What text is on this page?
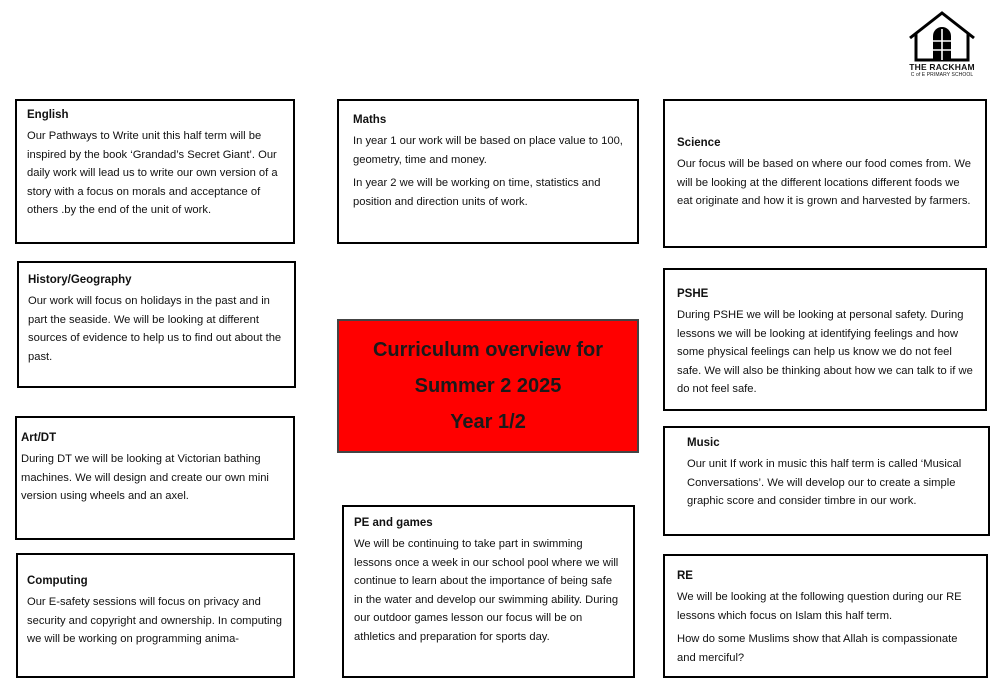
THE RACKHAM
C of E PRIMARY SCHOOL
English

Our Pathways to Write unit this half term will be inspired by the book ‘Grandad’s Secret Giant’. Our daily work will lead us to write our own version of a story with a focus on morals and acceptance of others .by the end of the unit of work.

History/Geography

Our work will focus on holidays in the past and in part the seaside. We will be looking at different sources of evidence to help us to find out about the past.

Art/DT

During DT we will be looking at Victorian bathing machines. We will design and create our own mini version using wheels and an axel.

Computing

Our E-safety sessions will focus on privacy and security and copyright and ownership. In computing we will be working on programming anima-

Maths

In year 1 our work will be based on place value to 100, geometry, time and money.

In year 2 we will be working on time, statistics and position and direction units of work.

Curriculum overview for
Summer 2 2025
Year 1/2
PE and games

We will be continuing to take part in swimming lessons once a week in our school pool where we will continue to learn about the importance of being safe in the water and develop our swimming ability. During our outdoor games lesson our focus will be on athletics and preparation for sports day.

Science

Our focus will be based on where our food comes from. We will be looking at the different locations different foods we eat originate and how it is grown and harvested by farmers.

PSHE

During PSHE we will be looking at personal safety. During lessons we will be looking at identifying feelings and how some physical feelings can help us know we do not feel safe. We will also be thinking about how we can talk to if we do not feel safe.

Music

Our unit If work in music this half term is called ‘Musical Conversations’. We will develop our to create a simple graphic score and consider timbre in our work.

RE

We will be looking at the following question during our RE lessons which focus on Islam this half term.

How do some Muslims show that Allah is compassionate and merciful?
